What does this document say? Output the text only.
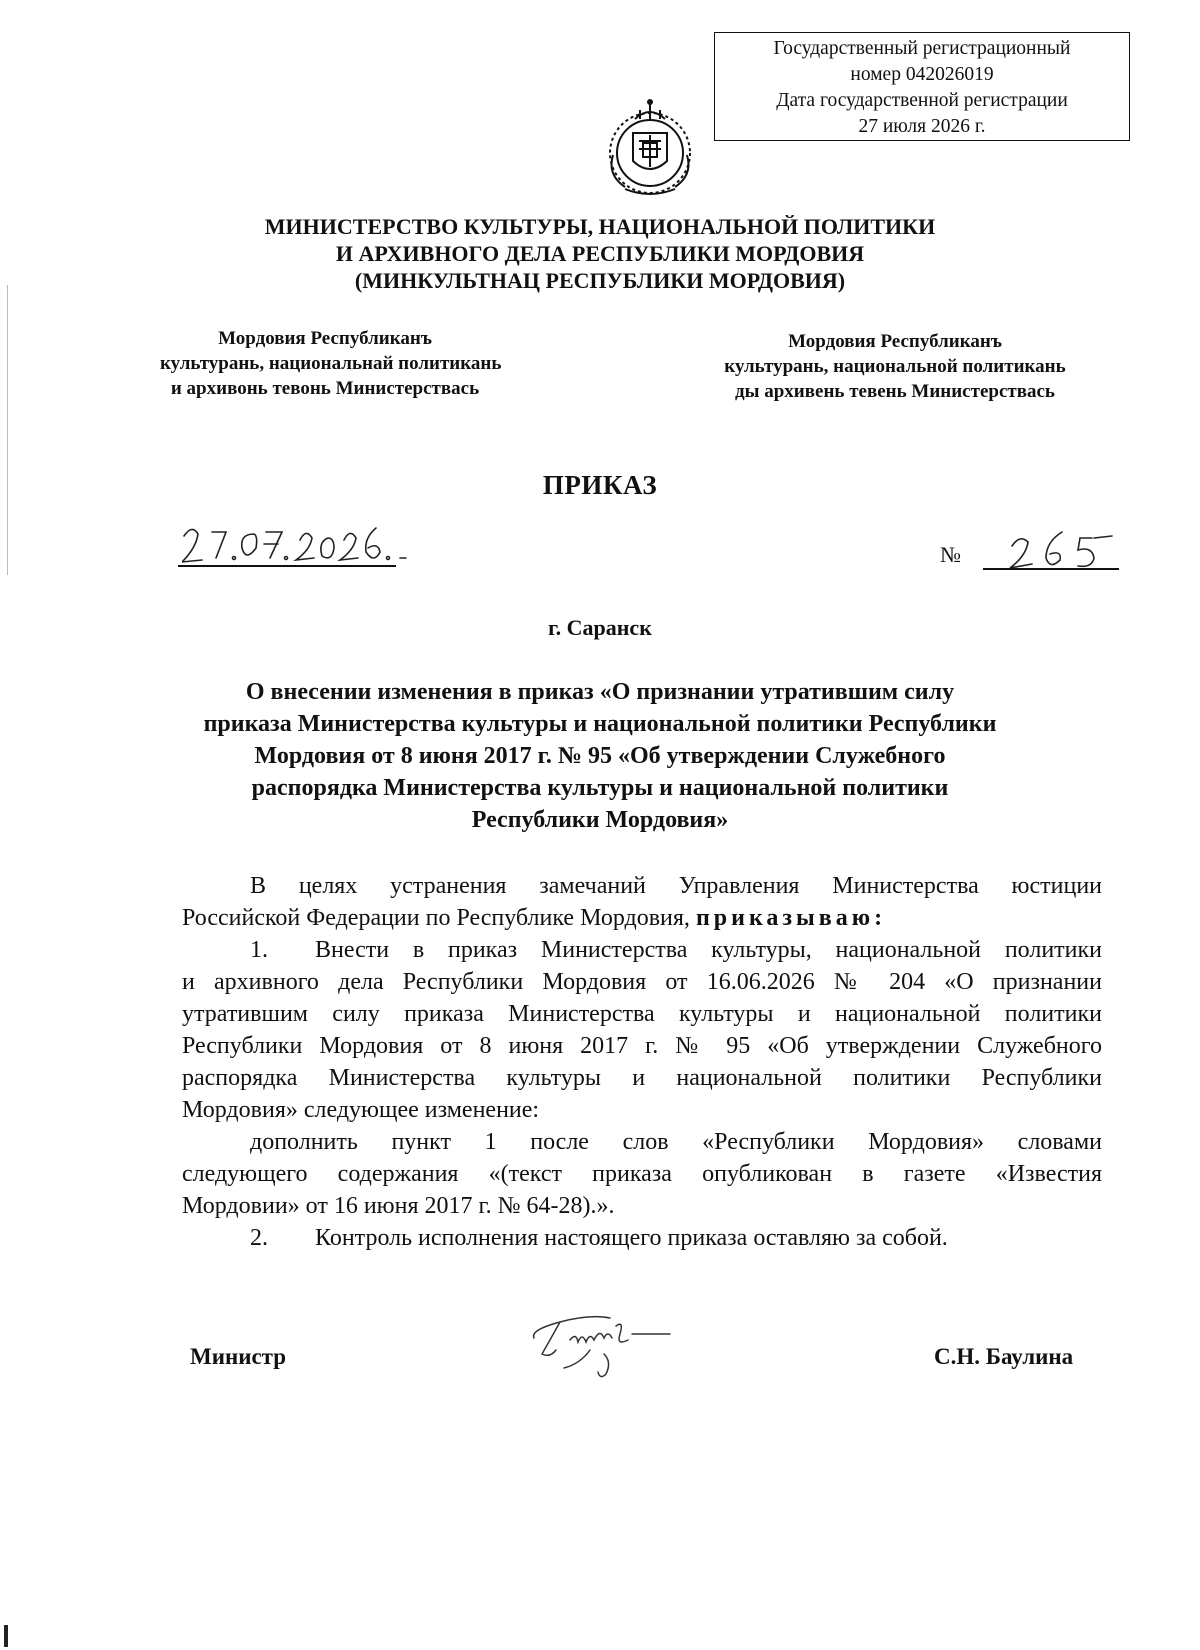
Государственный регистрационный
номер 042026019
Дата государственной регистрации
27 июля 2026 г.
МИНИСТЕРСТВО КУЛЬТУРЫ, НАЦИОНАЛЬНОЙ ПОЛИТИКИ
И АРХИВНОГО ДЕЛА РЕСПУБЛИКИ МОРДОВИЯ
(МИНКУЛЬТНАЦ РЕСПУБЛИКИ МОРДОВИЯ)
Мордовия Республиканъ
культурань, национальнай политикань
и архивонь тевонь Министерствась
Мордовия Республиканъ
культурань, национальной политикань
ды архивень тевень Министерствась
ПРИКАЗ
№
г. Саранск
О внесении изменения в приказ «О признании утратившим силу
приказа Министерства культуры и национальной политики Республики
Мордовия от 8 июня 2017 г. № 95 «Об утверждении Служебного
распорядка Министерства культуры и национальной политики
Республики Мордовия»
В целях устранения замечаний Управления Министерства юстиции
Российской Федерации по Республике Мордовия, приказываю:
1. Внести в приказ Министерства культуры, национальной политики
и архивного дела Республики Мордовия от 16.06.2026 № 204 «О признании
утратившим силу приказа Министерства культуры и национальной политики
Республики Мордовия от 8 июня 2017 г. № 95 «Об утверждении Служебного
распорядка Министерства культуры и национальной политики Республики
Мордовия» следующее изменение:
дополнить пункт 1 после слов «Республики Мордовия» словами
следующего содержания «(текст приказа опубликован в газете «Известия
Мордовии» от 16 июня 2017 г. № 64-28).».
2. Контроль исполнения настоящего приказа оставляю за собой.
Министр	С.Н. Баулина
